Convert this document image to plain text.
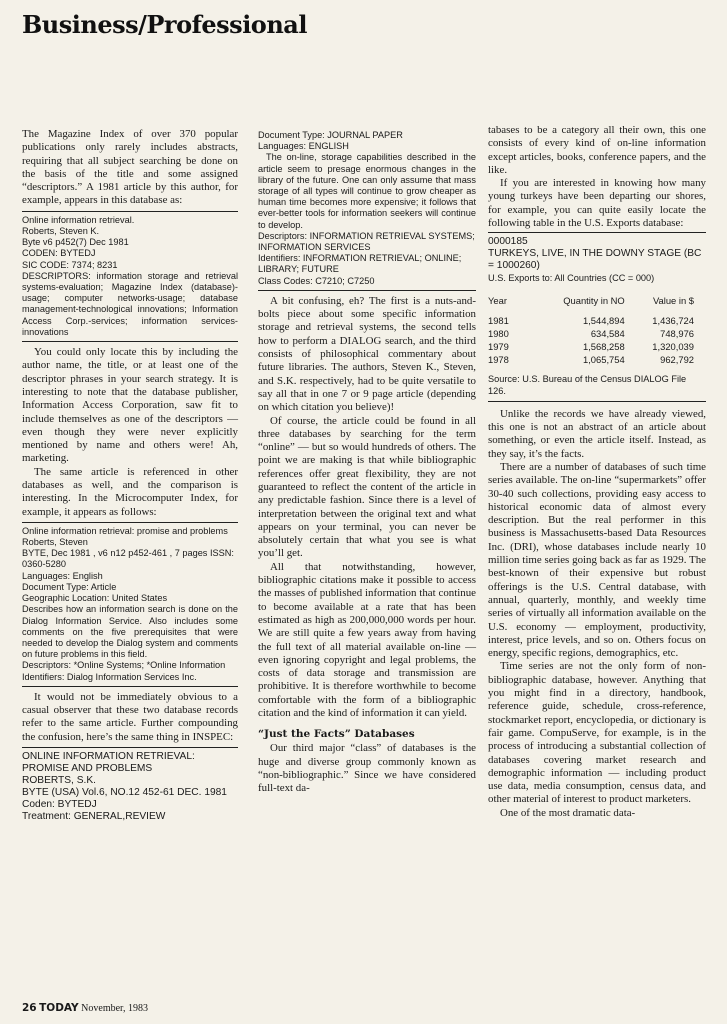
Business/Professional

The Magazine Index of over 370 popular publications only rarely includes abstracts, requiring that all subject searching be done on the basis of the title and some assigned “descriptors.” A 1981 article by this author, for example, appears in this database as:

Online information retrieval.
Roberts, Steven K.
Byte v6 p452(7) Dec 1981
CODEN: BYTEDJ
SIC CODE: 7374; 8231
DESCRIPTORS: information storage and retrieval systems-evaluation; Magazine Index (database)-usage; computer networks-usage; database management-technological innovations; Information Access Corp.-services; information services-innovations

You could only locate this by including the author name, the title, or at least one of the descriptor phrases in your search strategy. It is interesting to note that the database publisher, Information Access Corporation, saw fit to include themselves as one of the descriptors — even though they were never explicitly mentioned by name and others were! Ah, marketing.

The same article is referenced in other databases as well, and the comparison is interesting. In the Microcomputer Index, for example, it appears as follows:

Online information retrieval: promise and problems
Roberts, Steven
BYTE, Dec 1981 , v6 n12 p452-461 , 7 pages ISSN: 0360-5280
Languages: English
Document Type: Article
Geographic Location: United States
Describes how an information search is done on the Dialog Information Service. Also includes some comments on the five prerequisites that were needed to develop the Dialog system and comments on future problems in this field.
Descriptors: *Online Systems; *Online Information
Identifiers: Dialog Information Services Inc.

It would not be immediately obvious to a casual observer that these two database records refer to the same article. Further compounding the confusion, here’s the same thing in INSPEC:

ONLINE INFORMATION RETRIEVAL: PROMISE AND PROBLEMS
ROBERTS, S.K.
BYTE (USA) Vol.6, NO.12 452-61 DEC. 1981 Coden: BYTEDJ
Treatment: GENERAL,REVIEW
Document Type: JOURNAL PAPER
Languages: ENGLISH
The on-line, storage capabilities described in the article seem to presage enormous changes in the library of the future. One can only assume that mass storage of all types will continue to grow cheaper as human time becomes more expensive; it follows that ever-better tools for information seekers will continue to develop.
Descriptors: INFORMATION RETRIEVAL SYSTEMS; INFORMATION SERVICES
Identifiers: INFORMATION RETRIEVAL; ONLINE; LIBRARY; FUTURE
Class Codes: C7210; C7250

A bit confusing, eh? The first is a nuts-and-bolts piece about some specific information storage and retrieval systems, the second tells how to perform a DIALOG search, and the third consists of philosophical commentary about future libraries. The authors, Steven K., Steven, and S.K. respectively, had to be quite versatile to say all that in one 7 or 9 page article (depending on which citation you believe)!

Of course, the article could be found in all three databases by searching for the term “online” — but so would hundreds of others. The point we are making is that while bibliographic references offer great flexibility, they are not guaranteed to reflect the content of the article in any predictable fashion. Since there is a level of interpretation between the original text and what appears on your terminal, you can never be absolutely certain that what you see is what you’ll get.

All that notwithstanding, however, bibliographic citations make it possible to access the masses of published information that continue to become available at a rate that has been estimated as high as 200,000,000 words per hour. We are still quite a few years away from having the full text of all material available on-line — even ignoring copyright and legal problems, the costs of data storage and transmission are prohibitive. It is therefore worthwhile to become comfortable with the form of a bibliographic citation and the kind of information it can yield.

“Just the Facts” Databases

Our third major “class” of databases is the huge and diverse group commonly known as “non-bibliographic.” Since we have considered full-text da-

tabases to be a category all their own, this one consists of every kind of on-line information except articles, books, conference papers, and the like.

If you are interested in knowing how many young turkeys have been departing our shores, for example, you can quite easily locate the following table in the U.S. Exports database:

0000185
TURKEYS, LIVE, IN THE DOWNY STAGE (BC = 1000260)
U.S. Exports to: All Countries (CC = 000)
Year	Quantity in NO	Value in $
1981	1,544,894	1,436,724
1980	634,584	748,976
1979	1,568,258	1,320,039
1978	1,065,754	962,792
Source: U.S. Bureau of the Census DIALOG File 126.

Unlike the records we have already viewed, this one is not an abstract of an article about something, or even the article itself. Instead, as they say, it’s the facts.

There are a number of databases of such time series available. The on-line “supermarkets” offer 30-40 such collections, providing easy access to historical economic data of almost every description. But the real performer in this business is Massachusetts-based Data Resources Inc. (DRI), whose databases include nearly 10 million time series going back as far as 1929. The best-known of their expensive but robust offerings is the U.S. Central database, with annual, quarterly, monthly, and weekly time series of virtually all information available on the U.S. economy — employment, productivity, interest, price levels, and so on. Others focus on energy, specific regions, demographics, etc.

Time series are not the only form of non-bibliographic database, however. Anything that you might find in a directory, handbook, reference guide, schedule, cross-reference, stockmarket report, encyclopedia, or dictionary is fair game. CompuServe, for example, is in the process of introducing a substantial collection of databases covering market research and demographic information — including product use data, media consumption, census data, and other material of interest to product marketers.

One of the most dramatic data-

26 TODAY November, 1983
